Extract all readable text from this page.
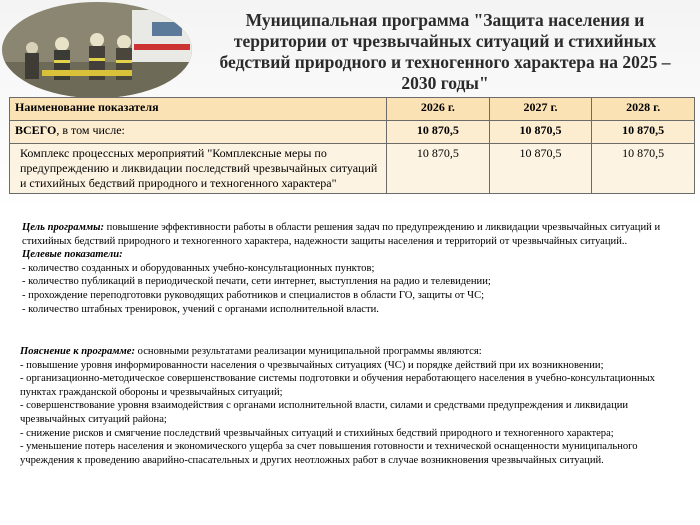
Муниципальная программа "Защита населения и территории от чрезвычайных ситуаций и стихийных бедствий природного и техногенного характера на 2025 – 2030 годы"
Наименование показателя	2026 г.	2027 г.	2028 г.
ВСЕГО, в том числе:	10 870,5	10 870,5	10 870,5
Комплекс процессных мероприятий "Комплексные меры по предупреждению и ликвидации последствий чрезвычайных ситуаций и стихийных бедствий природного и техногенного характера"	10 870,5	10 870,5	10 870,5
Цель программы: повышение эффективности работы в области решения задач по предупреждению и ликвидации чрезвычайных ситуаций и стихийных бедствий природного и техногенного характера, надежности защиты населения и территорий от чрезвычайных ситуаций..
Целевые показатели:
- количество созданных и оборудованных учебно-консультационных пунктов;
- количество публикаций в периодической печати, сети интернет, выступления на радио и телевидении;
- прохождение переподготовки руководящих работников и специалистов в области ГО, защиты от ЧС;
- количество штабных тренировок, учений с органами исполнительной власти.
Пояснение к программе: основными результатами реализации муниципальной программы являются:
- повышение уровня информированности населения о чрезвычайных ситуациях (ЧС) и порядке действий при их возникновении;
- организационно-методическое совершенствование системы подготовки и обучения неработающего населения в учебно-консультационных пунктах гражданской обороны и чрезвычайных ситуаций;
- совершенствование уровня взаимодействия с органами исполнительной власти, силами и средствами предупреждения и ликвидации чрезвычайных ситуаций района;
- снижение рисков и смягчение последствий чрезвычайных ситуаций и стихийных бедствий природного и техногенного характера;
- уменьшение потерь населения и экономического ущерба за счет повышения готовности и технической оснащенности муниципального учреждения к проведению аварийно-спасательных и других неотложных работ в случае возникновения чрезвычайных ситуаций.
